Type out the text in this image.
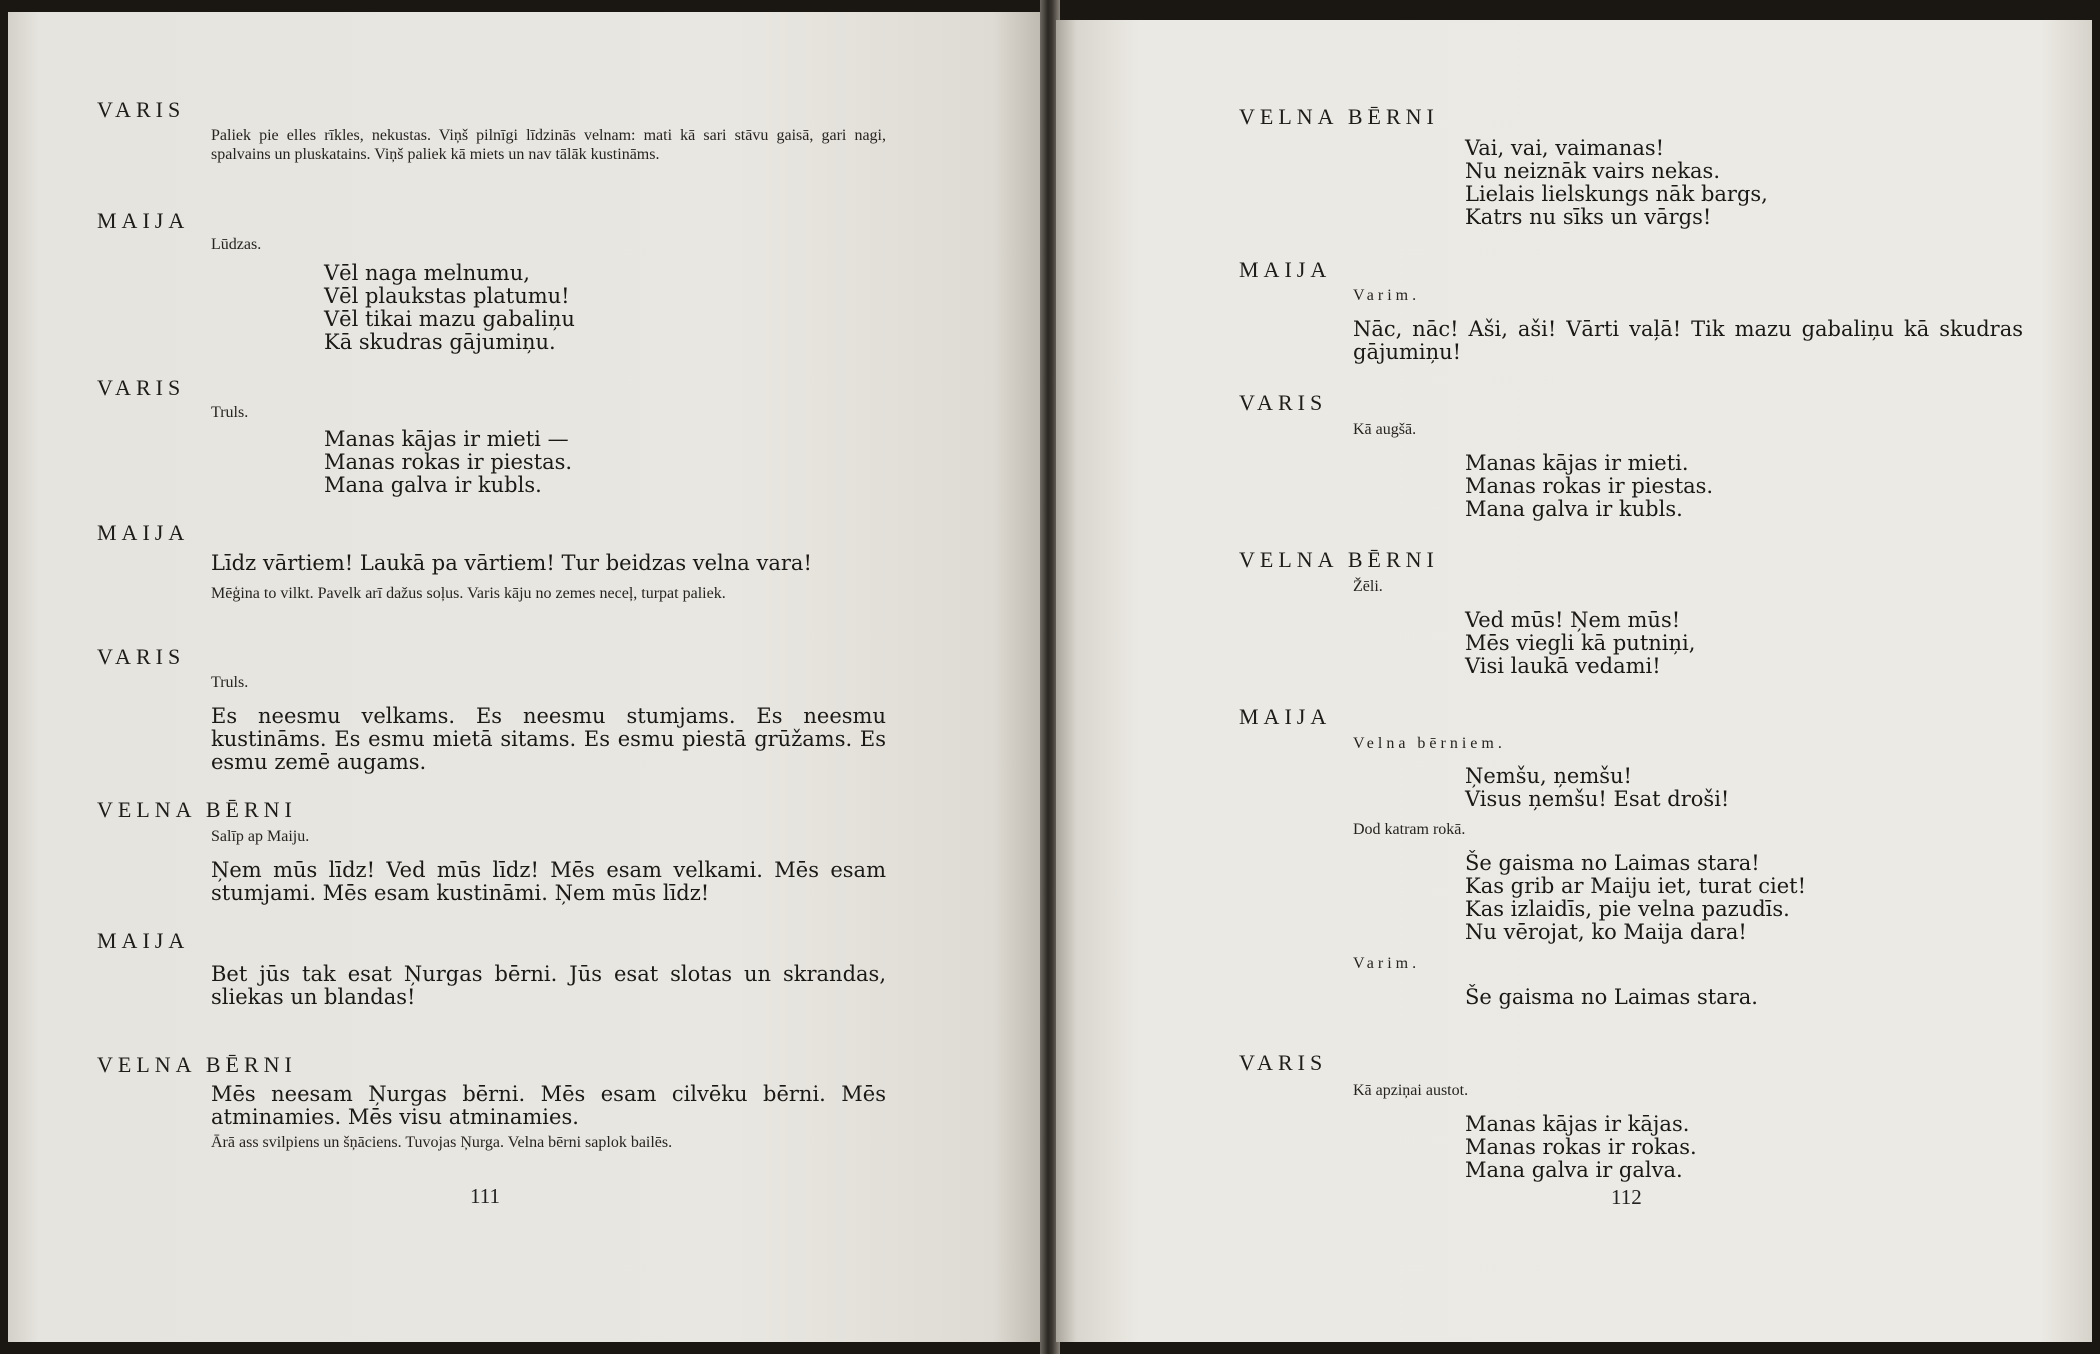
VARIS
Paliek pie elles rīkles, nekustas. Viņš pilnīgi līdzinās velnam: mati kā sari stāvu gaisā, gari nagi, spalvains un pluskatains. Viņš paliek kā miets un nav tālāk kustināms.
MAIJA
Lūdzas.
Vēl naga melnumu,
Vēl plaukstas platumu!
Vēl tikai mazu gabaliņu
Kā skudras gājumiņu.
VARIS
Truls.
Manas kājas ir mieti —
Manas rokas ir piestas.
Mana galva ir kubls.
MAIJA
Līdz vārtiem! Laukā pa vārtiem! Tur beidzas velna vara!
Mēģina to vilkt. Pavelk arī dažus soļus. Varis kāju no zemes neceļ, turpat paliek.
VARIS
Truls.
Es neesmu velkams. Es neesmu stumjams. Es neesmu kustināms. Es esmu mietā sitams. Es esmu piestā grūžams. Es esmu zemē augams.
VELNA BĒRNI
Salīp ap Maiju.
Ņem mūs līdz! Ved mūs līdz! Mēs esam velkami. Mēs esam stumjami. Mēs esam kustināmi. Ņem mūs līdz!
MAIJA
Bet jūs tak esat Ņurgas bērni. Jūs esat slotas un skrandas, sliekas un blandas!
VELNA BĒRNI
Mēs neesam Ņurgas bērni. Mēs esam cilvēku bērni. Mēs atminamies. Mēs visu atminamies.
Ārā ass svilpiens un šņāciens. Tuvojas Ņurga. Velna bērni saplok bailēs.
111
VELNA BĒRNI
Vai, vai, vaimanas!
Nu neiznāk vairs nekas.
Lielais lielskungs nāk bargs,
Katrs nu sīks un vārgs!
MAIJA
Varim.
Nāc, nāc! Aši, aši! Vārti vaļā! Tik mazu gabaliņu kā skudras gājumiņu!
VARIS
Kā augšā.
Manas kājas ir mieti.
Manas rokas ir piestas.
Mana galva ir kubls.
VELNA BĒRNI
Žēli.
Ved mūs! Ņem mūs!
Mēs viegli kā putniņi,
Visi laukā vedami!
MAIJA
Velna bērniem.
Ņemšu, ņemšu!
Visus ņemšu! Esat droši!
Dod katram rokā.
Še gaisma no Laimas stara!
Kas grib ar Maiju iet, turat ciet!
Kas izlaidīs, pie velna pazudīs.
Nu vērojat, ko Maija dara!
Varim.
Še gaisma no Laimas stara.
VARIS
Kā apziņai austot.
Manas kājas ir kājas.
Manas rokas ir rokas.
Mana galva ir galva.
112
